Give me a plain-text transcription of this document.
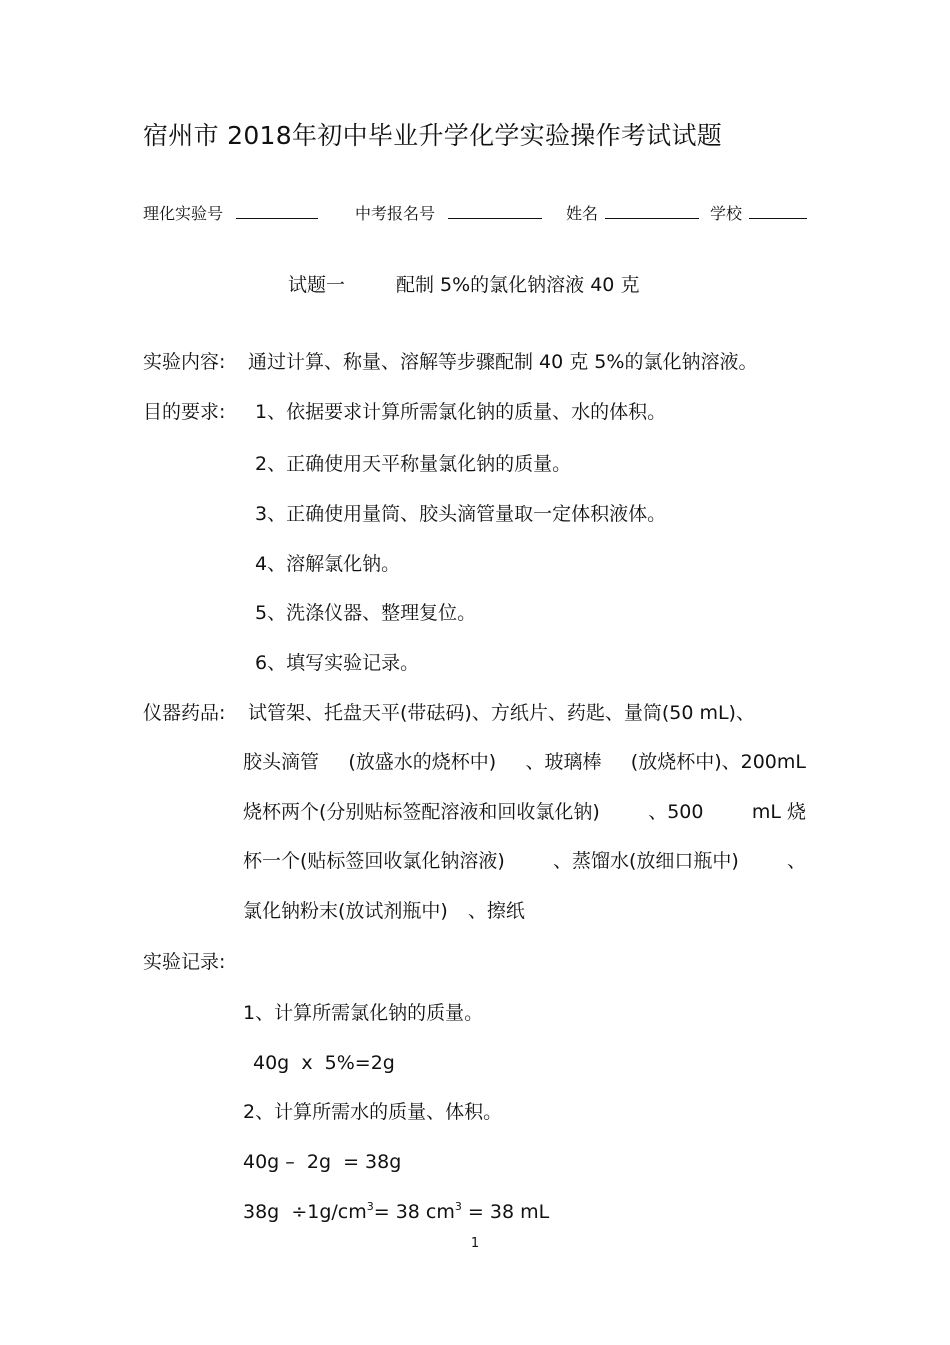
宿州市 2018年初中毕业升学化学实验操作考试试题
理化实验号	中考报名号	姓名	学校
试题一	配制 5%的氯化钠溶液 40 克
实验内容: 通过计算、称量、溶解等步骤配制 40 克 5%的氯化钠溶液。
目的要求: 1、依据要求计算所需氯化钠的质量、水的体积。
2、正确使用天平称量氯化钠的质量。
3、正确使用量筒、胶头滴管量取一定体积液体。
4、溶解氯化钠。
5、洗涤仪器、整理复位。
6、填写实验记录。
仪器药品: 试管架、托盘天平(带砝码)、方纸片、药匙、量筒(50 mL)、
胶头滴管 (放盛水的烧杯中) 、玻璃棒 (放烧杯中)、200mL
烧杯两个(分别贴标签配溶液和回收氯化钠)	、500	mL 烧
杯一个(贴标签回收氯化钠溶液)	、蒸馏水(放细口瓶中)	、
氯化钠粉末(放试剂瓶中) 、擦纸
实验记录:
1、计算所需氯化钠的质量。
40g  x  5%=2g
2、计算所需水的质量、体积。
40g –  2g  = 38g
$38g \div 1g/cm^3= 38$ $cm^3 = 38$ mL
1
